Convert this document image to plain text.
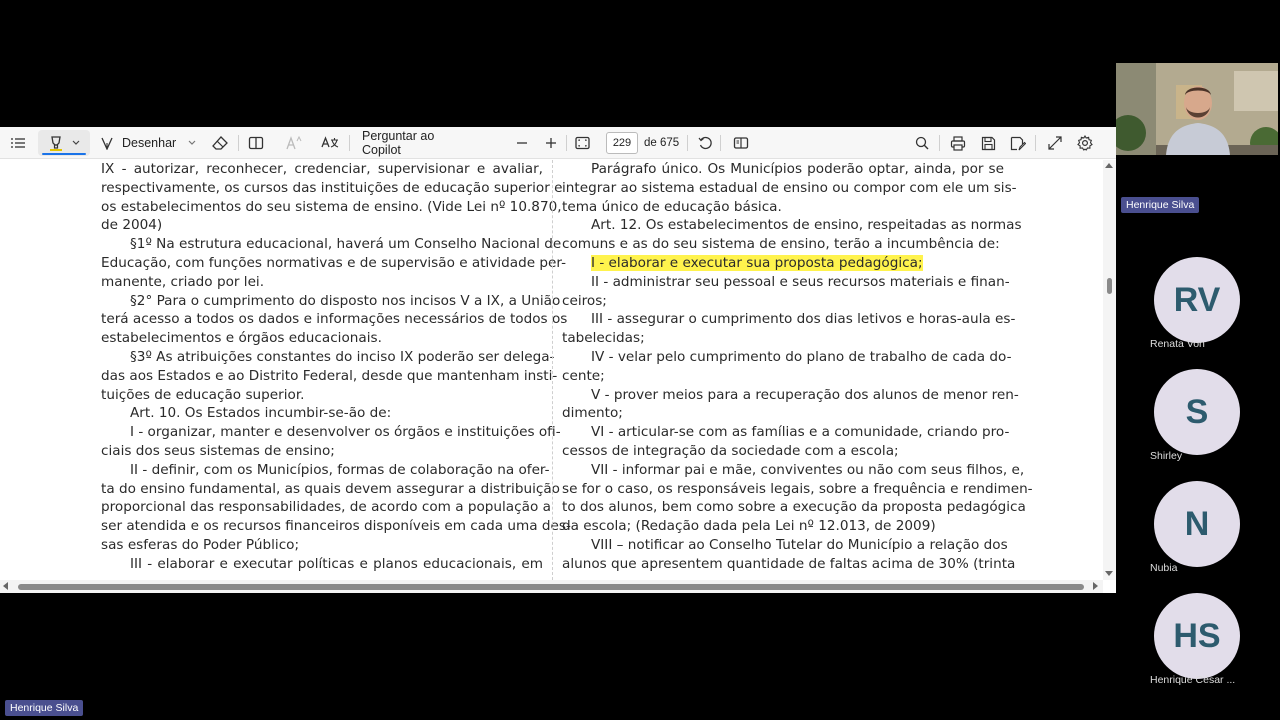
Desenhar	Perguntar ao Copilot	229	de 675

IX - autorizar, reconhecer, credenciar, supervisionar e avaliar,

respectivamente, os cursos das instituições de educação superior e

os estabelecimentos do seu sistema de ensino. (Vide Lei nº 10.870,

de 2004)

§1º Na estrutura educacional, haverá um Conselho Nacional de

Educação, com funções normativas e de supervisão e atividade per-

manente, criado por lei.

§2° Para o cumprimento do disposto nos incisos V a IX, a União

terá acesso a todos os dados e informações necessários de todos os

estabelecimentos e órgãos educacionais.

§3º As atribuições constantes do inciso IX poderão ser delega-

das aos Estados e ao Distrito Federal, desde que mantenham insti-

tuições de educação superior.

Art. 10. Os Estados incumbir-se-ão de:

I - organizar, manter e desenvolver os órgãos e instituições ofi-

ciais dos seus sistemas de ensino;

II - definir, com os Municípios, formas de colaboração na ofer-

ta do ensino fundamental, as quais devem assegurar a distribuição

proporcional das responsabilidades, de acordo com a população a

ser atendida e os recursos financeiros disponíveis em cada uma des-

sas esferas do Poder Público;

III - elaborar e executar políticas e planos educacionais, em

Parágrafo único. Os Municípios poderão optar, ainda, por se

integrar ao sistema estadual de ensino ou compor com ele um sis-

tema único de educação básica.

Art. 12. Os estabelecimentos de ensino, respeitadas as normas

comuns e as do seu sistema de ensino, terão a incumbência de:

I - elaborar e executar sua proposta pedagógica;

II - administrar seu pessoal e seus recursos materiais e finan-

ceiros;

III - assegurar o cumprimento dos dias letivos e horas-aula es-

tabelecidas;

IV - velar pelo cumprimento do plano de trabalho de cada do-

cente;

V - prover meios para a recuperação dos alunos de menor ren-

dimento;

VI - articular-se com as famílias e a comunidade, criando pro-

cessos de integração da sociedade com a escola;

VII - informar pai e mãe, conviventes ou não com seus filhos, e,

se for o caso, os responsáveis legais, sobre a frequência e rendimen-

to dos alunos, bem como sobre a execução da proposta pedagógica

da escola; (Redação dada pela Lei nº 12.013, de 2009)

VIII – notificar ao Conselho Tutelar do Município a relação dos

alunos que apresentem quantidade de faltas acima de 30% (trinta

Henrique Silva
RV
Renata Von
S
Shirley
N
Nubia
HS
Henrique César ...
Henrique Silva
